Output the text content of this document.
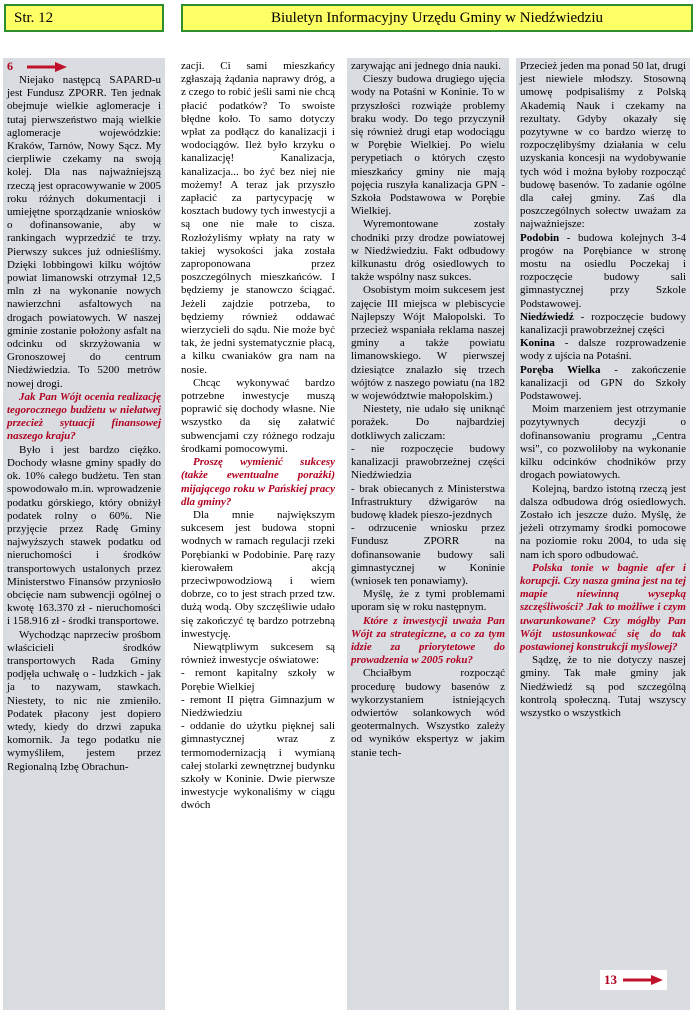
Str. 12	Biuletyn Informacyjny Urzędu Gminy w Niedźwiedziu
6

Niejako następcą SAPARD-u jest Fundusz ZPORR. Ten jednak obejmuje wielkie aglomeracje i tutaj pierwszeństwo mają wielkie aglomeracje wojewódzkie: Kraków, Tarnów, Nowy Sącz. My cierpliwie czekamy na swoją kolej. Dla nas najważniejszą rzeczą jest opracowywanie w 2005 roku różnych dokumentacji i umiejętne sporządzanie wniosków o dofinansowanie, aby w rankingach wyprzedzić te trzy. Pierwszy sukces już odnieśliśmy. Dzięki lobbingowi kilku wójtów powiat limanowski otrzymał 12,5 mln zł na wykonanie nowych nawierzchni asfaltowych na drogach powiatowych. W naszej gminie zostanie położony asfalt na odcinku od skrzyżowania w Gronoszowej do centrum Niedźwiedzia. To 5200 metrów nowej drogi.

Jak Pan Wójt ocenia realizację tegorocznego budżetu w niełatwej przecież sytuacji finansowej naszego kraju?

Było i jest bardzo ciężko. Dochody własne gminy spadły do ok. 10% całego budżetu. Ten stan spowodowało m.in. wprowadzenie podatku górskiego, który obniżył podatek rolny o 60%. Nie przyjęcie przez Radę Gminy najwyższych stawek podatku od nieruchomości i środków transportowych ustalonych przez Ministerstwo Finansów przyniosło obcięcie nam subwencji ogólnej o kwotę 163.370 zł - nieruchomości i 158.916 zł - środki transportowe.

Wychodząc naprzeciw prośbom właścicieli środków transportowych Rada Gminy podjęła uchwałę o - ludzkich - jak ja to nazywam, stawkach. Niestety, to nic nie zmieniło. Podatek płacony jest dopiero wtedy, kiedy do drzwi zapuka komornik. Ja tego podatku nie wymyśliłem, jestem przez Regionalną Izbę Obrachun-

zacji. Ci sami mieszkańcy zgłaszają żądania naprawy dróg, a z czego to robić jeśli sami nie chcą płacić podatków? To swoiste błędne koło. To samo dotyczy wpłat za podłącz do kanalizacji i wodociągów. Ileż było krzyku o kanalizację! Kanalizacja, kanalizacja... bo żyć bez niej nie możemy! A teraz jak przyszło zapłacić za partycypację w kosztach budowy tych inwestycji a są one nie małe to cisza. Rozłożyliśmy wpłaty na raty w takiej wysokości jaka została zaproponowana przez poszczególnych mieszkańców. I będziemy je stanowczo ściągać. Jeżeli zajdzie potrzeba, to będziemy również oddawać wierzycieli do sądu. Nie może być tak, że jedni systematycznie płacą, a kilku cwaniaków gra nam na nosie.

Chcąc wykonywać bardzo potrzebne inwestycje muszą poprawić się dochody własne. Nie wszystko da się załatwić subwencjami czy różnego rodzaju środkami pomocowymi.

Proszę wymienić sukcesy (także ewentualne porażki) mijającego roku w Pańskiej pracy dla gminy?

Dla mnie największym sukcesem jest budowa stopni wodnych w ramach regulacji rzeki Porębianki w Podobinie. Parę razy kierowałem akcją przeciwpowodziową i wiem dobrze, co to jest strach przed tzw. dużą wodą. Oby szczęśliwie udało się zakończyć tę bardzo potrzebną inwestycję.

Niewątpliwym sukcesem są również inwestycje oświatowe:

- remont kapitalny szkoły w Porębie Wielkiej

- remont II piętra Gimnazjum w Niedźwiedziu

- oddanie do użytku pięknej sali gimnastycznej wraz z termomodernizacją i wymianą całej stolarki zewnętrznej budynku szkoły w Koninie. Dwie pierwsze inwestycje wykonaliśmy w ciągu dwóch

zarywając ani jednego dnia nauki.

Cieszy budowa drugiego ujęcia wody na Potaśni w Koninie. To w przyszłości rozwiąże problemy braku wody. Do tego przyczynił się również drugi etap wodociągu w Porębie Wielkiej. Po wielu perypetiach o których często mieszkańcy gminy nie mają pojęcia ruszyła kanalizacja GPN - Szkoła Podstawowa w Porębie Wielkiej.

Wyremontowane zostały chodniki przy drodze powiatowej w Niedźwiedziu. Fakt odbudowy kilkunastu dróg osiedlowych to także wspólny nasz sukces.

Osobistym moim sukcesem jest zajęcie III miejsca w plebiscycie Najlepszy Wójt Małopolski. To przecież wspaniała reklama naszej gminy a także powiatu limanowskiego. W pierwszej dziesiątce znalazło się trzech wójtów z naszego powiatu (na 182 w województwie małopolskim.)

Niestety, nie udało się uniknąć porażek. Do najbardziej dotkliwych zaliczam:

- nie rozpoczęcie budowy kanalizacji prawobrzeżnej części Niedźwiedzia

- brak obiecanych z Ministerstwa Infrastruktury dźwigarów na budowę kładek pieszo-jezdnych

- odrzucenie wniosku przez Fundusz ZPORR na dofinansowanie budowy sali gimnastycznej w Koninie (wniosek ten ponawiamy).

Myślę, że z tymi problemami uporam się w roku następnym.

Które z inwestycji uważa Pan Wójt za strategiczne, a co za tym idzie za priorytetowe do prowadzenia w 2005 roku?

Chciałbym rozpocząć procedurę budowy basenów z wykorzystaniem istniejących odwiertów solankowych wód geotermalnych. Wszystko zależy od wyników ekspertyz w jakim stanie tech-

Przecież jeden ma ponad 50 lat, drugi jest niewiele młodszy. Stosowną umowę podpisaliśmy z Polską Akademią Nauk i czekamy na rezultaty. Gdyby okazały się pozytywne w co bardzo wierzę to rozpoczęlibyśmy działania w celu uzyskania koncesji na wydobywanie tych wód i można byłoby rozpocząć budowę basenów. To zadanie ogólne dla całej gminy. Zaś dla poszczególnych sołectw uważam za najważniejsze:

Podobin - budowa kolejnych 3-4 progów na Porębiance w stronę mostu na osiedlu Poczekaj i rozpoczęcie budowy sali gimnastycznej przy Szkole Podstawowej.

Niedźwiedź - rozpoczęcie budowy kanalizacji prawobrzeżnej części

Konina - dalsze rozprowadzenie wody z ujścia na Potaśni.

Poręba Wielka - zakończenie kanalizacji od GPN do Szkoły Podstawowej.

Moim marzeniem jest otrzymanie pozytywnych decyzji o dofinansowaniu programu „Centra wsi", co pozwoliłoby na wykonanie kilku odcinków chodników przy drogach powiatowych.

Kolejną, bardzo istotną rzeczą jest dalsza odbudowa dróg osiedlowych. Zostało ich jeszcze dużo. Myślę, że jeżeli otrzymamy środki pomocowe na poziomie roku 2004, to uda się nam ich sporo odbudować.

Polska tonie w bagnie afer i korupcji. Czy nasza gmina jest na tej mapie niewinną wysepką szczęśliwości? Jak to możliwe i czym uwarunkowane? Czy mógłby Pan Wójt ustosunkować się do tak postawionej konstrukcji myślowej?

Sądzę, że to nie dotyczy naszej gminy. Tak małe gminy jak Niedźwiedź są pod szczególną kontrolą społeczną. Tutaj wszyscy wszystko o wszystkich

13
